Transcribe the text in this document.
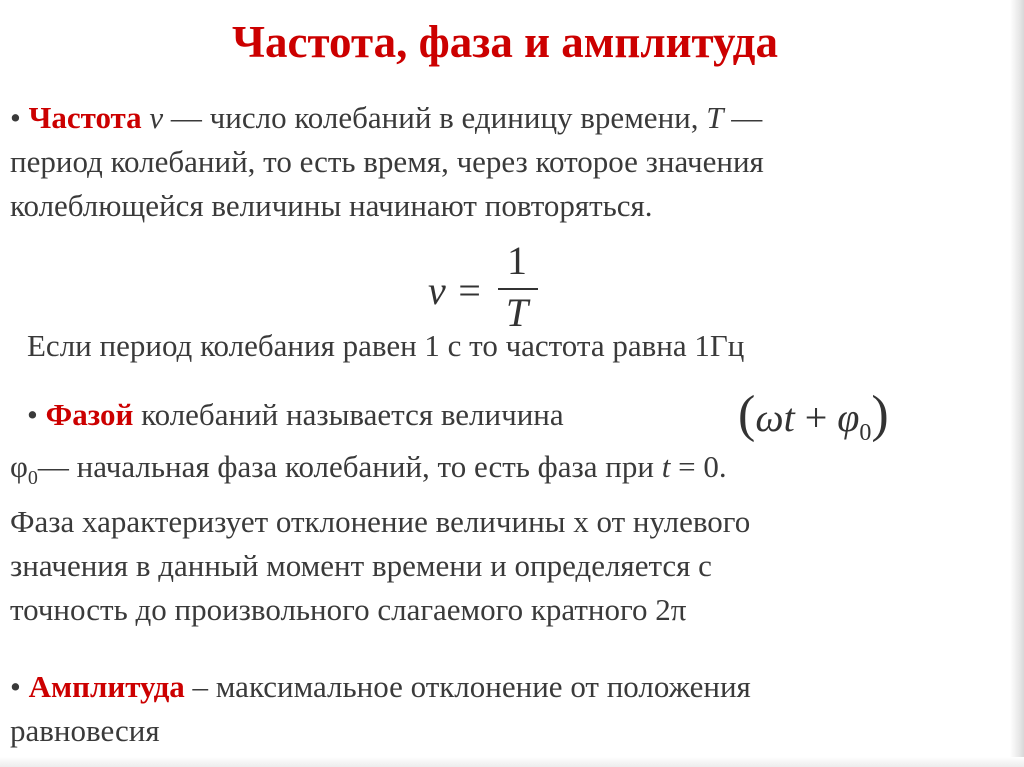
Частота, фаза и амплитуда
• Частота ν — число колебаний в единицу времени, T —
период колебаний, то есть время, через которое значения
колеблющейся величины начинают повторяться.
ν =
1
T
Если период колебания равен 1 с то частота равна 1Гц
• Фазой колебаний называется величина	$(\omega t + \varphi_0)$
$\varphi_0—$ начальная фаза колебаний, то есть фаза при t = 0.
Фаза характеризует отклонение величины х от нулевого
значения в данный момент времени и определяется с
точность до произвольного слагаемого кратного 2π
• Амплитуда – максимальное отклонение от положения
равновесия
